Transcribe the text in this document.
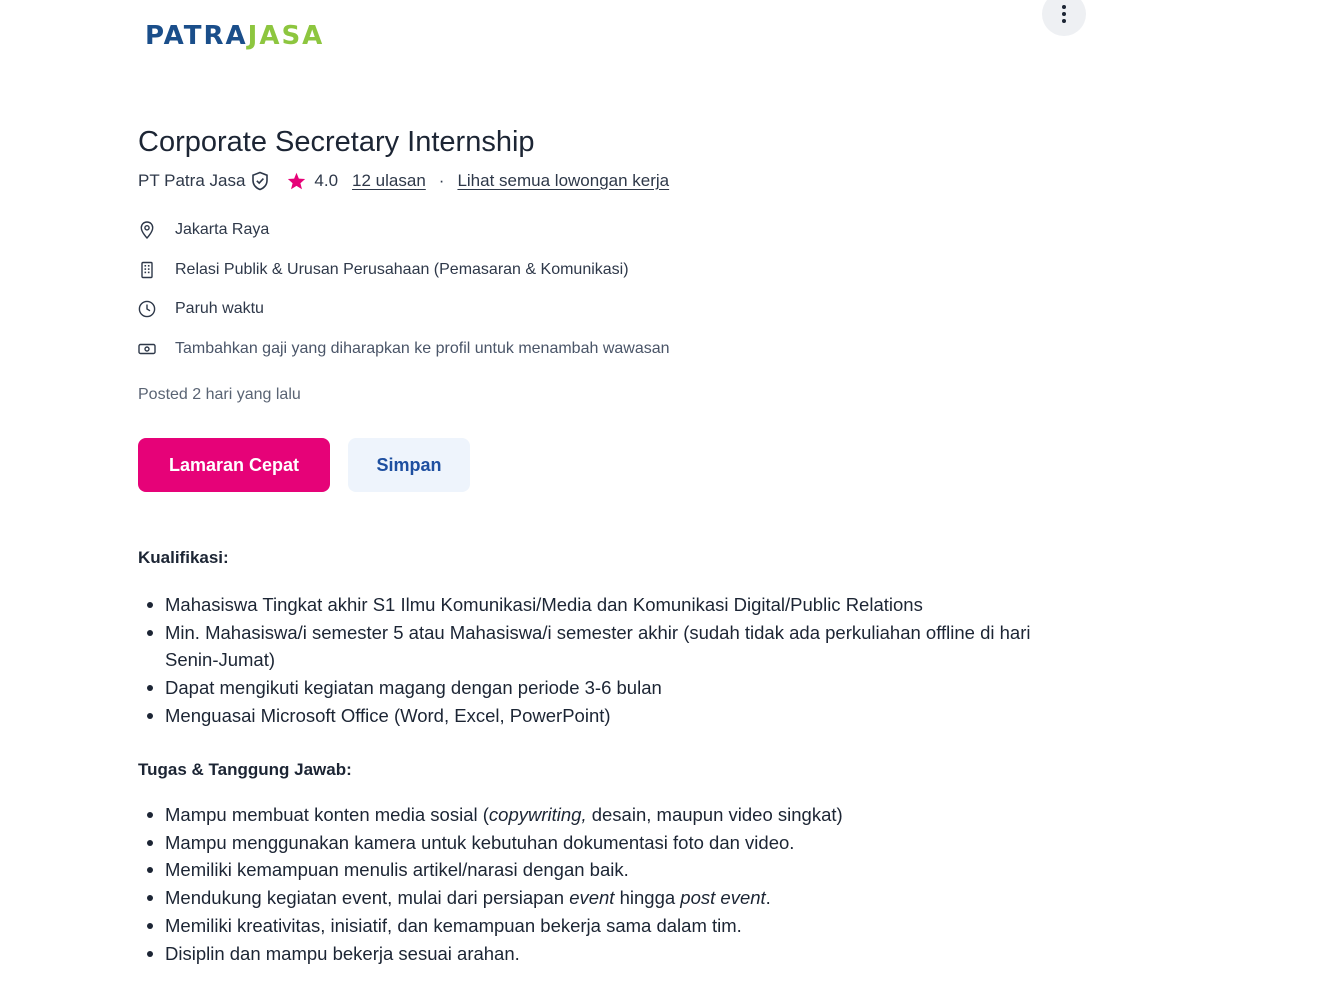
PATRA JASA
Corporate Secretary Internship
PT Patra Jasa	4.0 12 ulasan · Lihat semua lowongan kerja
Jakarta Raya
Relasi Publik & Urusan Perusahaan (Pemasaran & Komunikasi)
Paruh waktu
Tambahkan gaji yang diharapkan ke profil untuk menambah wawasan
Posted 2 hari yang lalu
Lamaran Cepat	Simpan
Kualifikasi:
Mahasiswa Tingkat akhir S1 Ilmu Komunikasi/Media dan Komunikasi Digital/Public Relations
Min. Mahasiswa/i semester 5 atau Mahasiswa/i semester akhir (sudah tidak ada perkuliahan offline di hari Senin-Jumat)
Dapat mengikuti kegiatan magang dengan periode 3-6 bulan
Menguasai Microsoft Office (Word, Excel, PowerPoint)
Tugas & Tanggung Jawab:
Mampu membuat konten media sosial (copywriting, desain, maupun video singkat)
Mampu menggunakan kamera untuk kebutuhan dokumentasi foto dan video.
Memiliki kemampuan menulis artikel/narasi dengan baik.
Mendukung kegiatan event, mulai dari persiapan event hingga post event.
Memiliki kreativitas, inisiatif, dan kemampuan bekerja sama dalam tim.
Disiplin dan mampu bekerja sesuai arahan.
